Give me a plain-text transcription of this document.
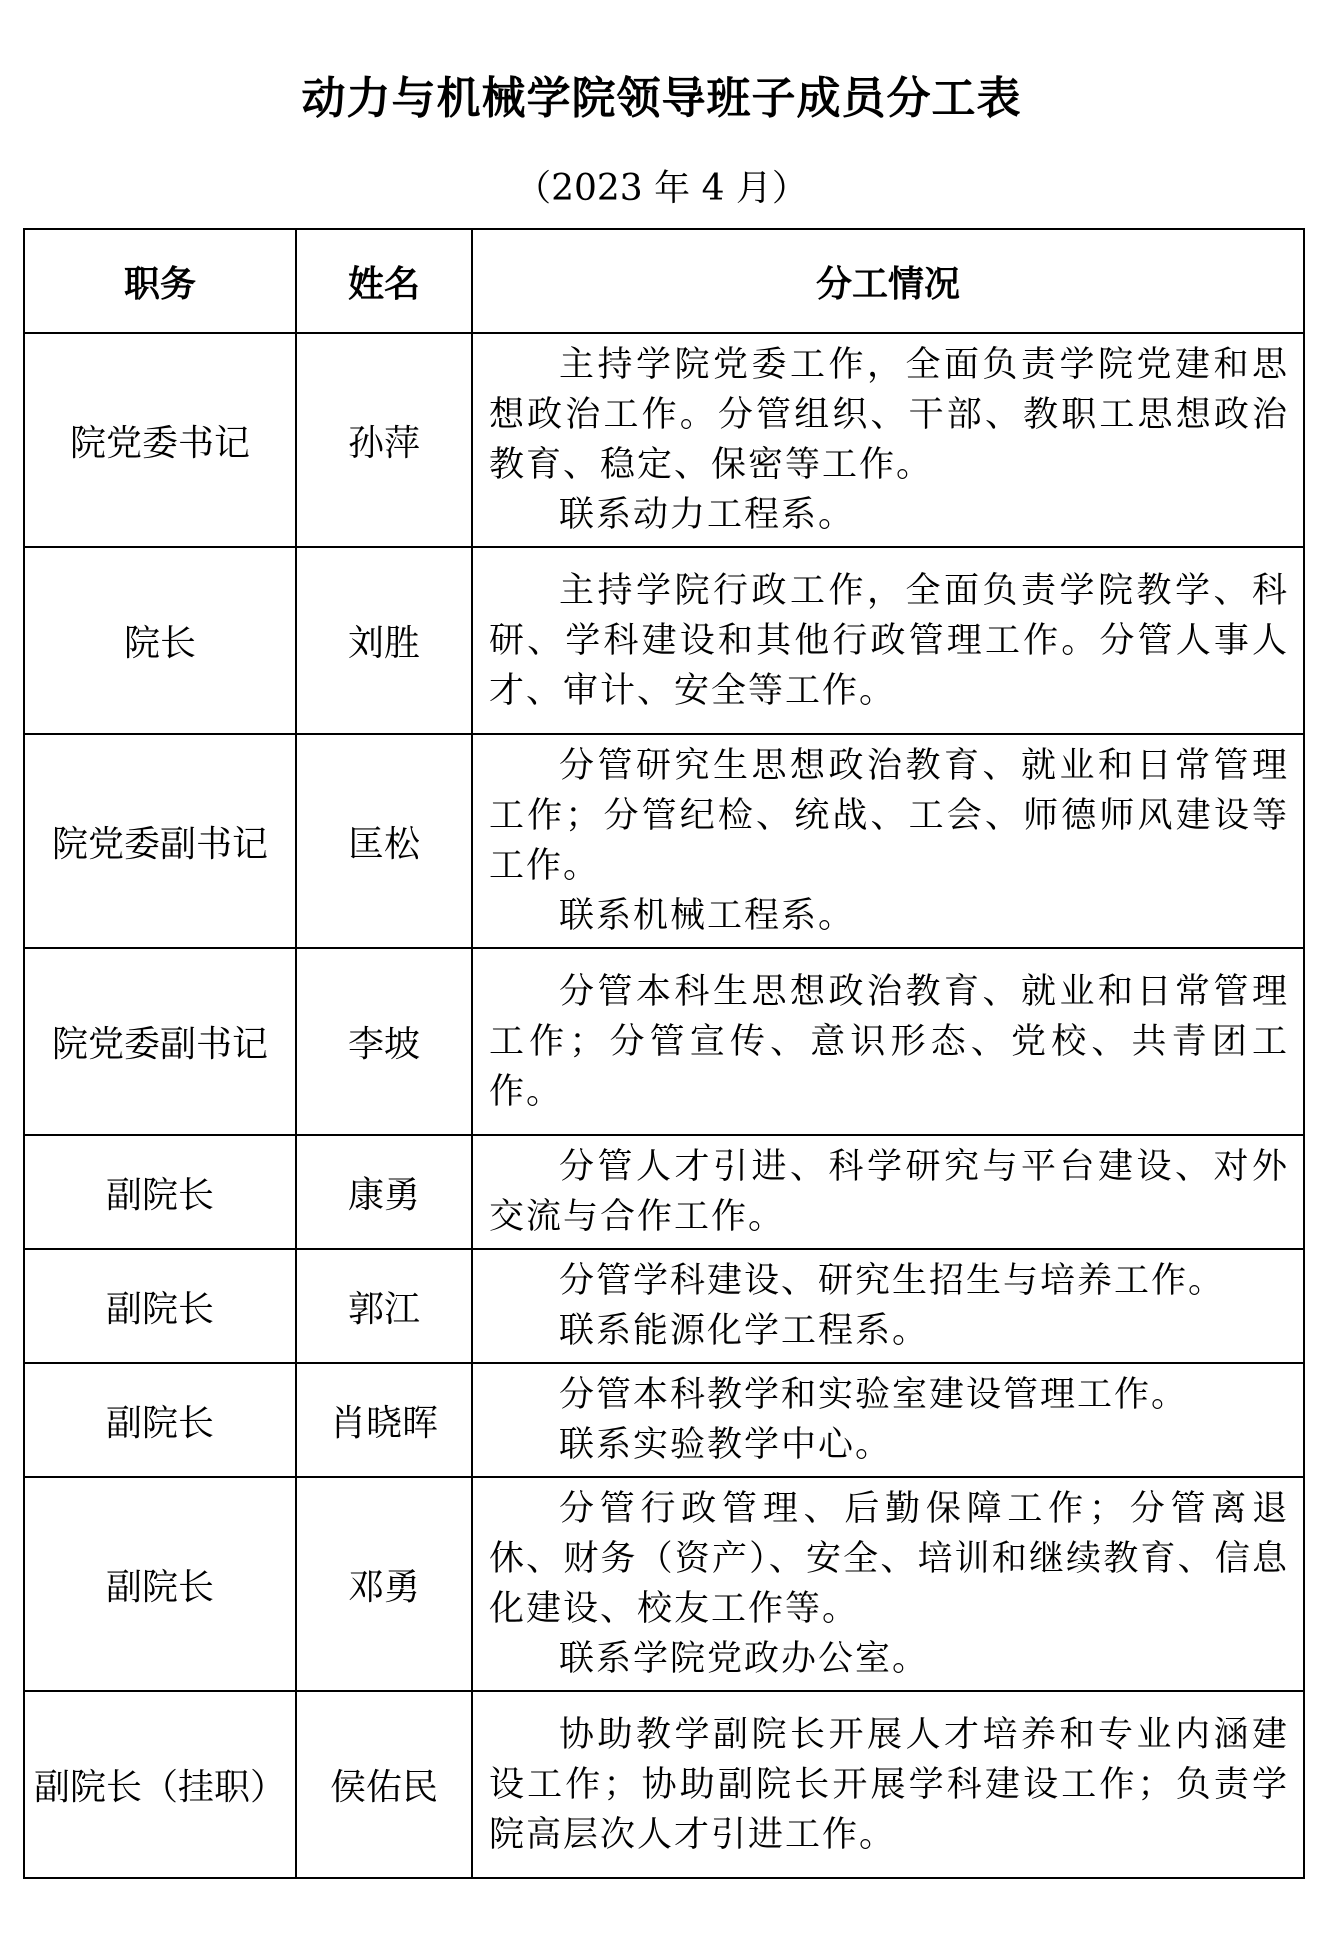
动力与机械学院领导班子成员分工表

（2023 年 4 月）

职务	姓名	分工情况
院党委书记	孙萍	主持学院党委工作，全面负责学院党建和思想政治工作。分管组织、干部、教职工思想政治教育、稳定、保密等工作。
联系动力工程系。

院长	刘胜	主持学院行政工作，全面负责学院教学、科研、学科建设和其他行政管理工作。分管人事人才、审计、安全等工作。

院党委副书记	匡松	分管研究生思想政治教育、就业和日常管理工作；分管纪检、统战、工会、师德师风建设等工作。
联系机械工程系。

院党委副书记	李坡	分管本科生思想政治教育、就业和日常管理工作；分管宣传、意识形态、党校、共青团工作。

副院长	康勇	分管人才引进、科学研究与平台建设、对外交流与合作工作。

副院长	郭江	分管学科建设、研究生招生与培养工作。
联系能源化学工程系。

副院长	肖晓晖	分管本科教学和实验室建设管理工作。
联系实验教学中心。

副院长	邓勇	分管行政管理、后勤保障工作；分管离退休、财务（资产）、安全、培训和继续教育、信息化建设、校友工作等。
联系学院党政办公室。

副院长（挂职）	侯佑民	协助教学副院长开展人才培养和专业内涵建设工作；协助副院长开展学科建设工作；负责学院高层次人才引进工作。
